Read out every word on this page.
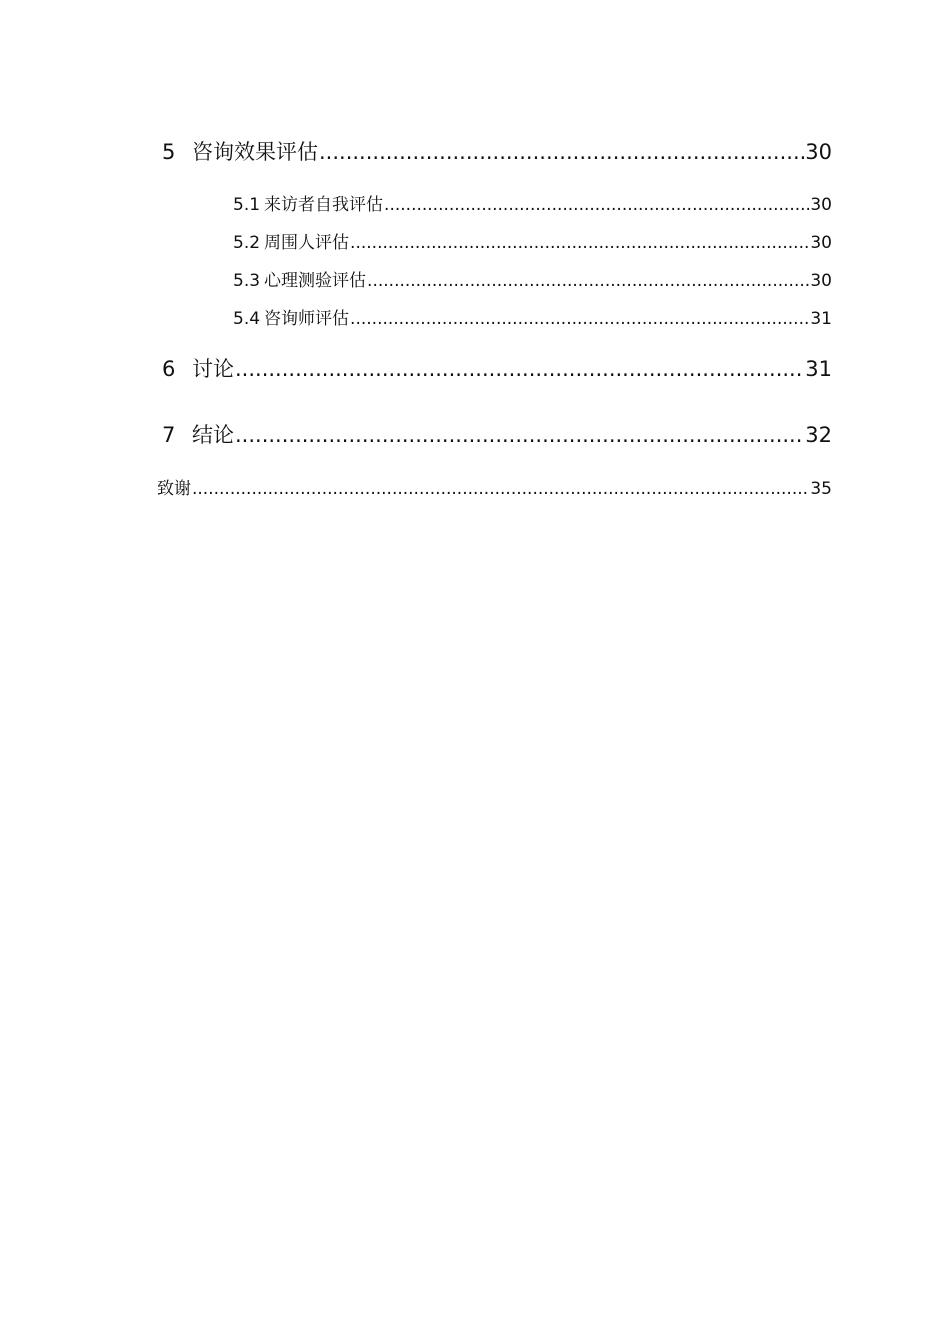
5 咨询效果评估 .....	30
5.1 来访者自我评估 .....	30
5.2 周围人评估 .....	30
5.3 心理测验评估 .....	30
5.4 咨询师评估 .....	31
6 讨论 .....	31
7 结论 .....	32
致谢 .....	35
